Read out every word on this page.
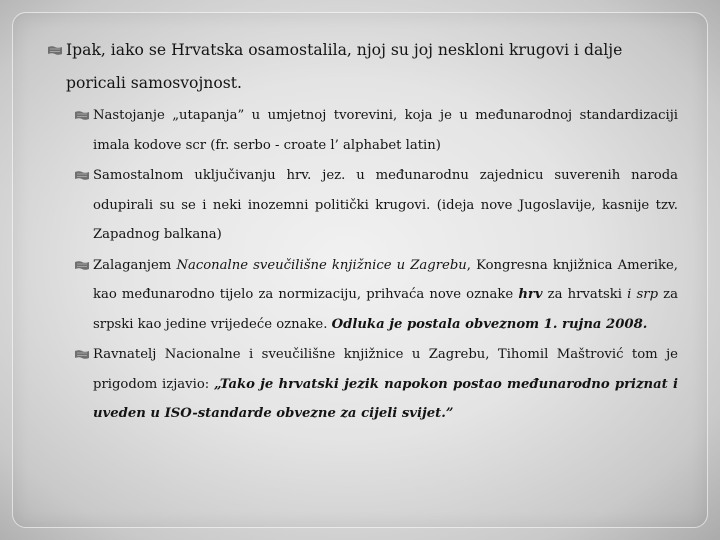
Ipak, iako se Hrvatska osamostalila, njoj su joj neskloni krugovi i dalje poricali samosvojnost.
Nastojanje „utapanja” u umjetnoj tvorevini, koja je u međunarodnoj standardizaciji imala kodove scr (fr. serbo - croate l’ alphabet latin)
Samostalnom uključivanju hrv. jez. u međunarodnu zajednicu suverenih naroda odupirali su se i neki inozemni politički krugovi. (ideja nove Jugoslavije, kasnije tzv. Zapadnog balkana)
Zalaganjem Naconalne sveučilišne knjižnice u Zagrebu, Kongresna knjižnica Amerike, kao međunarodno tijelo za normizaciju, prihvaća nove oznake hrv za hrvatski i srp za srpski kao jedine vrijedeće oznake. Odluka je postala obveznom 1. rujna 2008.
Ravnatelj Nacionalne i sveučilišne knjižnice u Zagrebu, Tihomil Maštrović tom je prigodom izjavio: „Tako je hrvatski jezik napokon postao međunarodno priznat i uveden u ISO-standarde obvezne za cijeli svijet.”
